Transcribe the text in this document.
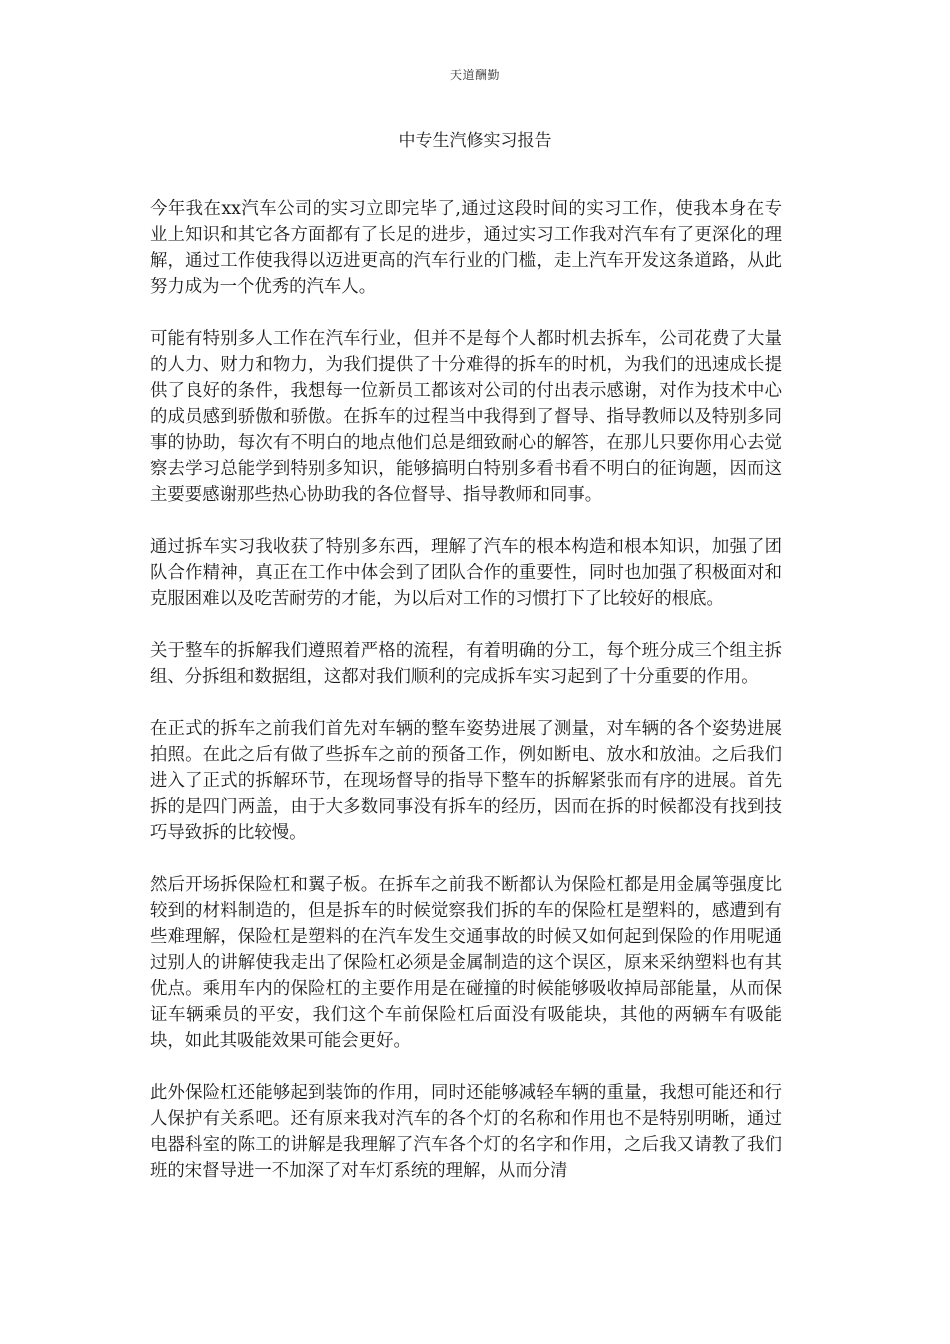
天道酬勤
中专生汽修实习报告

今年我在xx汽车公司的实习立即完毕了,通过这段时间的实习工作，使我本身在专业上知识和其它各方面都有了长足的进步，通过实习工作我对汽车有了更深化的理解，通过工作使我得以迈进更高的汽车行业的门槛，走上汽车开发这条道路，从此努力成为一个优秀的汽车人。

可能有特别多人工作在汽车行业，但并不是每个人都时机去拆车，公司花费了大量的人力、财力和物力，为我们提供了十分难得的拆车的时机，为我们的迅速成长提供了良好的条件，我想每一位新员工都该对公司的付出表示感谢，对作为技术中心的成员感到骄傲和骄傲。在拆车的过程当中我得到了督导、指导教师以及特别多同事的协助，每次有不明白的地点他们总是细致耐心的解答，在那儿只要你用心去觉察去学习总能学到特别多知识，能够搞明白特别多看书看不明白的征询题，因而这主要要感谢那些热心协助我的各位督导、指导教师和同事。

通过拆车实习我收获了特别多东西，理解了汽车的根本构造和根本知识，加强了团队合作精神，真正在工作中体会到了团队合作的重要性，同时也加强了积极面对和克服困难以及吃苦耐劳的才能，为以后对工作的习惯打下了比较好的根底。

关于整车的拆解我们遵照着严格的流程，有着明确的分工，每个班分成三个组主拆组、分拆组和数据组，这都对我们顺利的完成拆车实习起到了十分重要的作用。

在正式的拆车之前我们首先对车辆的整车姿势进展了测量，对车辆的各个姿势进展拍照。在此之后有做了些拆车之前的预备工作，例如断电、放水和放油。之后我们进入了正式的拆解环节，在现场督导的指导下整车的拆解紧张而有序的进展。首先拆的是四门两盖，由于大多数同事没有拆车的经历，因而在拆的时候都没有找到技巧导致拆的比较慢。

然后开场拆保险杠和翼子板。在拆车之前我不断都认为保险杠都是用金属等强度比较到的材料制造的，但是拆车的时候觉察我们拆的车的保险杠是塑料的，感遭到有些难理解，保险杠是塑料的在汽车发生交通事故的时候又如何起到保险的作用呢通过别人的讲解使我走出了保险杠必须是金属制造的这个误区，原来采纳塑料也有其优点。乘用车内的保险杠的主要作用是在碰撞的时候能够吸收掉局部能量，从而保证车辆乘员的平安，我们这个车前保险杠后面没有吸能块，其他的两辆车有吸能块，如此其吸能效果可能会更好。

此外保险杠还能够起到装饰的作用，同时还能够减轻车辆的重量，我想可能还和行人保护有关系吧。还有原来我对汽车的各个灯的名称和作用也不是特别明晰，通过电器科室的陈工的讲解是我理解了汽车各个灯的名字和作用，之后我又请教了我们班的宋督导进一不加深了对车灯系统的理解，从而分清
